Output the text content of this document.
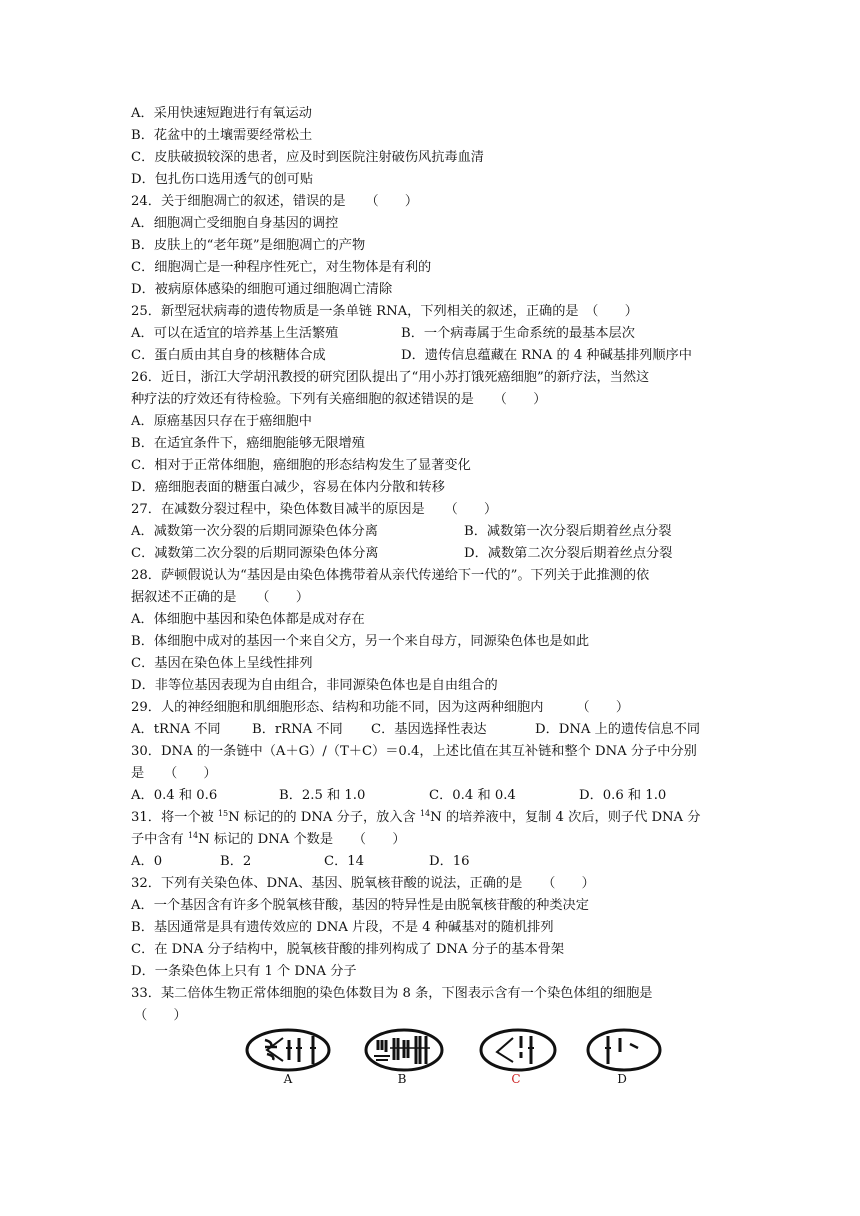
A．采用快速短跑进行有氧运动
B．花盆中的土壤需要经常松土
C．皮肤破损较深的患者，应及时到医院注射破伤风抗毒血清
D．包扎伤口选用透气的创可贴
24．关于细胞凋亡的叙述，错误的是　　（　　）
A．细胞凋亡受细胞自身基因的调控
B．皮肤上的“老年斑”是细胞凋亡的产物
C．细胞凋亡是一种程序性死亡，对生物体是有利的
D．被病原体感染的细胞可通过细胞凋亡清除
25．新型冠状病毒的遗传物质是一条单链 RNA，下列相关的叙述，正确的是　（　　）
A．可以在适宜的培养基上生活繁殖	B．一个病毒属于生命系统的最基本层次
C．蛋白质由其自身的核糖体合成	D．遗传信息蕴藏在 RNA 的 4 种碱基排列顺序中
26．近日，浙江大学胡汛教授的研究团队提出了“用小苏打饿死癌细胞”的新疗法，当然这
种疗法的疗效还有待检验。下列有关癌细胞的叙述错误的是　　（　　）
A．原癌基因只存在于癌细胞中
B．在适宜条件下，癌细胞能够无限增殖
C．相对于正常体细胞，癌细胞的形态结构发生了显著变化
D．癌细胞表面的糖蛋白减少，容易在体内分散和转移
27．在减数分裂过程中，染色体数目减半的原因是　　（　　）
A．减数第一次分裂的后期同源染色体分离	B．减数第一次分裂后期着丝点分裂
C．减数第二次分裂的后期同源染色体分离	D．减数第二次分裂后期着丝点分裂
28．萨顿假说认为“基因是由染色体携带着从亲代传递给下一代的”。下列关于此推测的依
据叙述不正确的是　　（　　）
A．体细胞中基因和染色体都是成对存在
B．体细胞中成对的基因一个来自父方，另一个来自母方，同源染色体也是如此
C．基因在染色体上呈线性排列
D．非等位基因表现为自由组合，非同源染色体也是自由组合的
29．人的神经细胞和肌细胞形态、结构和功能不同，因为这两种细胞内　　　（　　）
A．tRNA 不同 B．rRNA 不同 C．基因选择性表达	D．DNA 上的遗传信息不同
30．DNA 的一条链中（A＋G）/（T＋C）＝0.4，上述比值在其互补链和整个 DNA 分子中分别
是　　（　　）
A．0.4 和 0.6	B．2.5 和 1.0	C．0.4 和 0.4	D．0.6 和 1.0
31．将一个被 $^{15}$N 标记的的 DNA 分子，放入含 $^{14}$N 的培养液中，复制 4 次后，则子代 DNA 分
子中含有 $^{14}$N 标记的 DNA 个数是　　（　　）
A．0	B．2	C．14	D．16
32．下列有关染色体、DNA、基因、脱氧核苷酸的说法，正确的是　　（　　）
A．一个基因含有许多个脱氧核苷酸，基因的特异性是由脱氧核苷酸的种类决定
B．基因通常是具有遗传效应的 DNA 片段，不是 4 种碱基对的随机排列
C．在 DNA 分子结构中，脱氧核苷酸的排列构成了 DNA 分子的基本骨架
D．一条染色体上只有 1 个 DNA 分子
33．某二倍体生物正常体细胞的染色体数目为 8 条，下图表示含有一个染色体组的细胞是
（　　）
A	B	C	D
